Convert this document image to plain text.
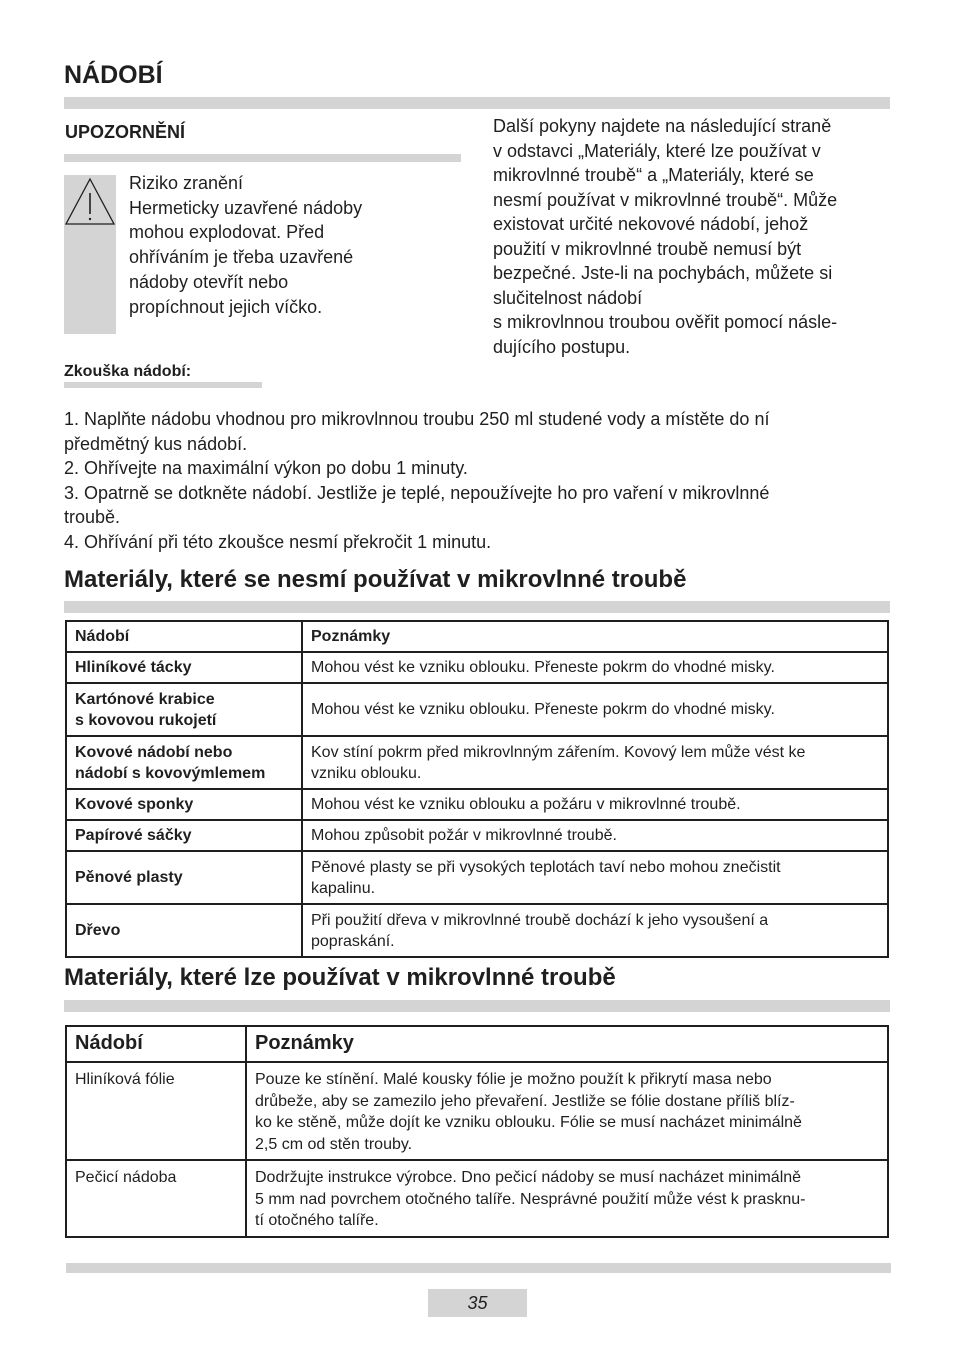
NÁDOBÍ
UPOZORNĚNÍ

Riziko zranění
Hermeticky uzavřené nádoby
mohou explodovat. Před
ohříváním je třeba uzavřené
nádoby otevřít nebo
propíchnout jejich víčko.

Další pokyny najdete na následující straně
v odstavci „Materiály, které lze používat v
mikrovlnné troubě“ a „Materiály, které se
nesmí používat v mikrovlnné troubě“. Může
existovat určité nekovové nádobí, jehož
použití v mikrovlnné troubě nemusí být
bezpečné. Jste-li na pochybách, můžete si
slučitelnost nádobí
s mikrovlnnou troubou ověřit pomocí násle-
dujícího postupu.

Zkouška nádobí:
1. Naplňte nádobu vhodnou pro mikrovlnnou troubu 250 ml studené vody a místěte do ní
předmětný kus nádobí.
2. Ohřívejte na maximální výkon po dobu 1 minuty.
3. Opatrně se dotkněte nádobí. Jestliže je teplé, nepoužívejte ho pro vaření v mikrovlnné
troubě.
4. Ohřívání při této zkoušce nesmí překročit 1 minutu.
Materiály, které se nesmí používat v mikrovlnné troubě
Nádobí	Poznámky

Hliníkové tácky	Mohou vést ke vzniku oblouku. Přeneste pokrm do vhodné misky.

Kartónové krabice
s kovovou rukojetí	Mohou vést ke vzniku oblouku. Přeneste pokrm do vhodné misky.

Kovové nádobí nebo
nádobí s kovovýmlemem	Kov stíní pokrm před mikrovlnným zářením. Kovový lem může vést ke
vzniku oblouku.

Kovové sponky	Mohou vést ke vzniku oblouku a požáru v mikrovlnné troubě.

Papírové sáčky	Mohou způsobit požár v mikrovlnné troubě.

Pěnové plasty	Pěnové plasty se při vysokých teplotách taví nebo mohou znečistit
kapalinu.

Dřevo	Při použití dřeva v mikrovlnné troubě dochází k jeho vysoušení a
popraskání.
Materiály, které lze používat v mikrovlnné troubě
Nádobí	Poznámky

Hliníková fólie	Pouze ke stínění. Malé kousky fólie je možno použít k přikrytí masa nebo
drůbeže, aby se zamezilo jeho převaření. Jestliže se fólie dostane příliš blíz-
ko ke stěně, může dojít ke vzniku oblouku. Fólie se musí nacházet minimálně
2,5 cm od stěn trouby.

Pečicí nádoba	Dodržujte instrukce výrobce. Dno pečicí nádoby se musí nacházet minimálně
5 mm nad povrchem otočného talíře. Nesprávné použití může vést k prasknu-
tí otočného talíře.
35
